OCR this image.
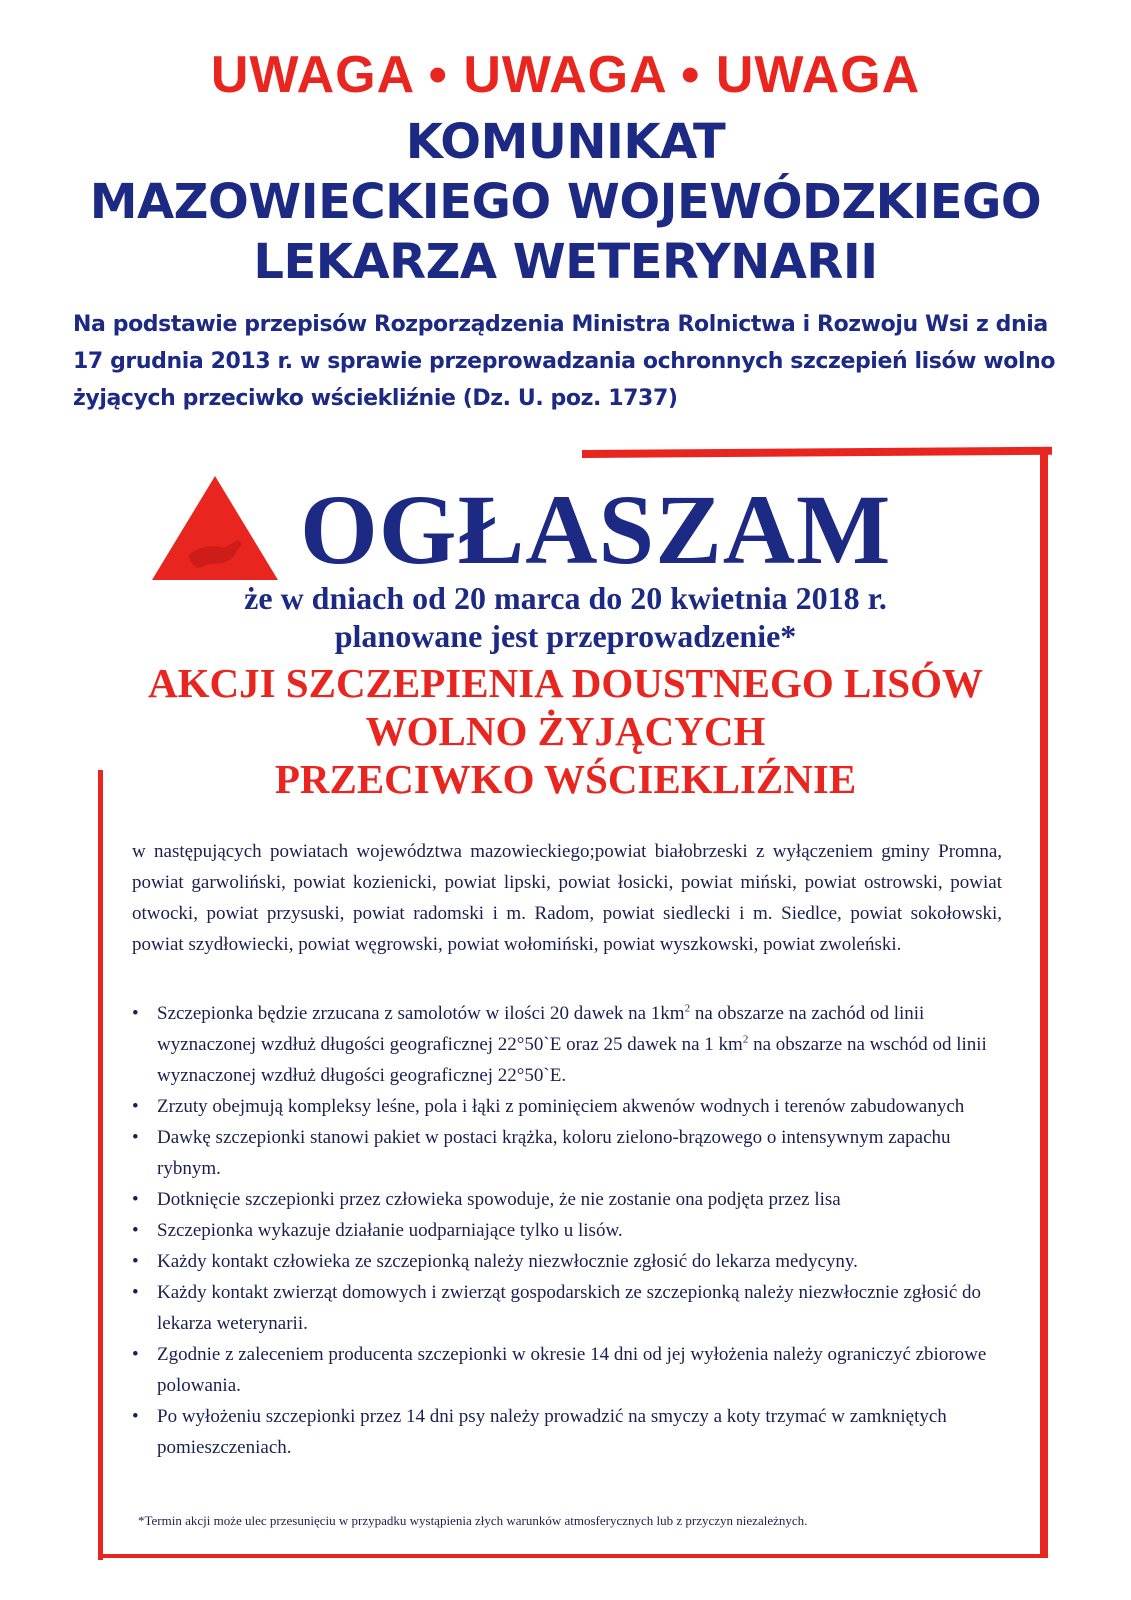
UWAGA • UWAGA • UWAGA
KOMUNIKAT
MAZOWIECKIEGO WOJEWÓDZKIEGO
LEKARZA WETERYNARII
Na podstawie przepisów Rozporządzenia Ministra Rolnictwa i Rozwoju Wsi z dnia 17 grudnia 2013 r. w sprawie przeprowadzania ochronnych szczepień lisów wolno żyjących przeciwko wściekliźnie (Dz. U. poz. 1737)
OGŁASZAM
że w dniach od 20 marca do 20 kwietnia 2018 r.
planowane jest przeprowadzenie*
AKCJI SZCZEPIENIA DOUSTNEGO LISÓW
WOLNO ŻYJĄCYCH
PRZECIWKO WŚCIEKLIŹNIE
w następujących powiatach województwa mazowieckiego;powiat białobrzeski z wyłączeniem gminy Promna, powiat garwoliński, powiat kozienicki, powiat lipski, powiat łosicki, powiat miński, powiat ostrowski, powiat otwocki, powiat przysuski, powiat radomski i m. Radom, powiat siedlecki i m. Siedlce, powiat sokołowski, powiat szydłowiecki, powiat węgrowski, powiat wołomiński, powiat wyszkowski, powiat zwoleński.
• Szczepionka będzie zrzucana z samolotów w ilości 20 dawek na $1km^2$ na obszarze na zachód od linii wyznaczonej wzdłuż długości geograficznej 22°50`E oraz 25 dawek na 1 $km^2$ na obszarze na wschód od linii wyznaczonej wzdłuż długości geograficznej 22°50`E.
• Zrzuty obejmują kompleksy leśne, pola i łąki z pominięciem akwenów wodnych i terenów zabudowanych
• Dawkę szczepionki stanowi pakiet w postaci krążka, koloru zielono-brązowego o intensywnym zapachu rybnym.
• Dotknięcie szczepionki przez człowieka spowoduje, że nie zostanie ona podjęta przez lisa
• Szczepionka wykazuje działanie uodparniające tylko u lisów.
• Każdy kontakt człowieka ze szczepionką należy niezwłocznie zgłosić do lekarza medycyny.
• Każdy kontakt zwierząt domowych i zwierząt gospodarskich ze szczepionką należy niezwłocznie zgłosić do lekarza weterynarii.
• Zgodnie z zaleceniem producenta szczepionki w okresie 14 dni od jej wyłożenia należy ograniczyć zbiorowe polowania.
• Po wyłożeniu szczepionki przez 14 dni psy należy prowadzić na smyczy a koty trzymać w zamkniętych pomieszczeniach.
*Termin akcji może ulec przesunięciu w przypadku wystąpienia złych warunków atmosferycznych lub z przyczyn niezależnych.
